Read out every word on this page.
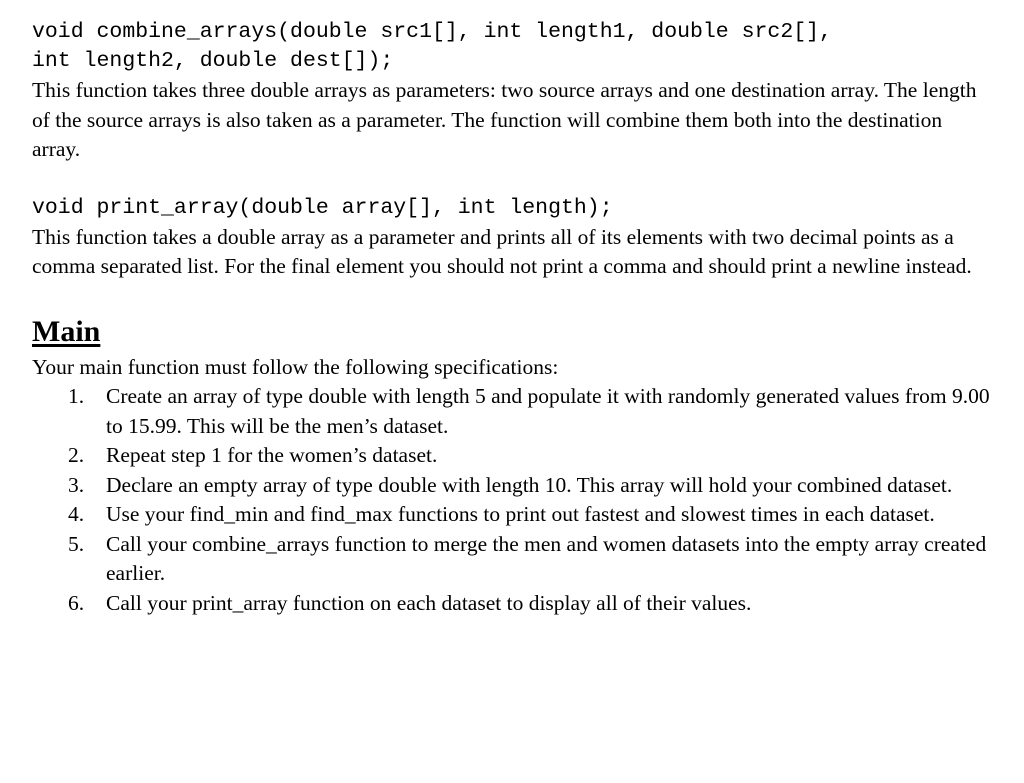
void combine_arrays(double src1[], int length1, double src2[],

int length2, double dest[]);

This function takes three double arrays as parameters: two source arrays and one destination array. The length of the source arrays is also taken as a parameter. The function will combine them both into the destination array.

void print_array(double array[], int length);

This function takes a double array as a parameter and prints all of its elements with two decimal points as a comma separated list. For the final element you should not print a comma and should print a newline instead.

Main

Your main function must follow the following specifications:

1.	Create an array of type double with length 5 and populate it with randomly generated values from 9.00 to 15.99. This will be the men’s dataset.
2.	Repeat step 1 for the women’s dataset.
3.	Declare an empty array of type double with length 10. This array will hold your combined dataset.
4.	Use your find_min and find_max functions to print out fastest and slowest times in each dataset.
5.	Call your combine_arrays function to merge the men and women datasets into the empty array created earlier.
6.	Call your print_array function on each dataset to display all of their values.
